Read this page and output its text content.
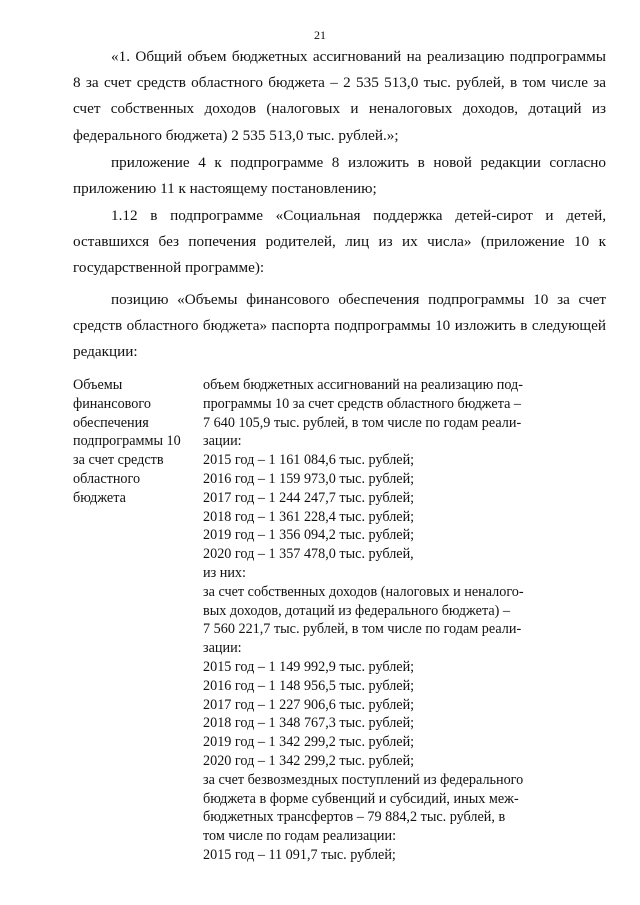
21

«1. Общий объем бюджетных ассигнований на реализацию подпрограммы 8 за счет средств областного бюджета – 2 535 513,0 тыс. рублей, в том числе за счет собственных доходов (налоговых и неналоговых доходов, дотаций из федерального бюджета) 2 535 513,0 тыс. рублей.»;

приложение 4 к подпрограмме 8 изложить в новой редакции согласно приложению 11 к настоящему постановлению;

1.12 в подпрограмме «Социальная поддержка детей-сирот и детей, оставшихся без попечения родителей, лиц из их числа» (приложение 10 к государственной программе):

позицию «Объемы финансового обеспечения подпрограммы 10 за счет средств областного бюджета» паспорта подпрограммы 10 изложить в следующей редакции:

Объемы
финансового
обеспечения
подпрограммы 10
за счет средств
областного
бюджета
объем бюджетных ассигнований на реализацию под-
программы 10 за счет средств областного бюджета –
7 640 105,9 тыс. рублей, в том числе по годам реали-
зации:
2015 год – 1 161 084,6 тыс. рублей;
2016 год – 1 159 973,0 тыс. рублей;
2017 год – 1 244 247,7 тыс. рублей;
2018 год – 1 361 228,4 тыс. рублей;
2019 год – 1 356 094,2 тыс. рублей;
2020 год – 1 357 478,0 тыс. рублей,
из них:
за счет собственных доходов (налоговых и неналого-
вых доходов, дотаций из федерального бюджета) –
7 560 221,7 тыс. рублей, в том числе по годам реали-
зации:
2015 год – 1 149 992,9 тыс. рублей;
2016 год – 1 148 956,5 тыс. рублей;
2017 год – 1 227 906,6 тыс. рублей;
2018 год – 1 348 767,3 тыс. рублей;
2019 год – 1 342 299,2 тыс. рублей;
2020 год – 1 342 299,2 тыс. рублей;
за счет безвозмездных поступлений из федерального
бюджета в форме субвенций и субсидий, иных меж-
бюджетных трансфертов – 79 884,2 тыс. рублей, в
том числе по годам реализации:
2015 год – 11 091,7 тыс. рублей;
